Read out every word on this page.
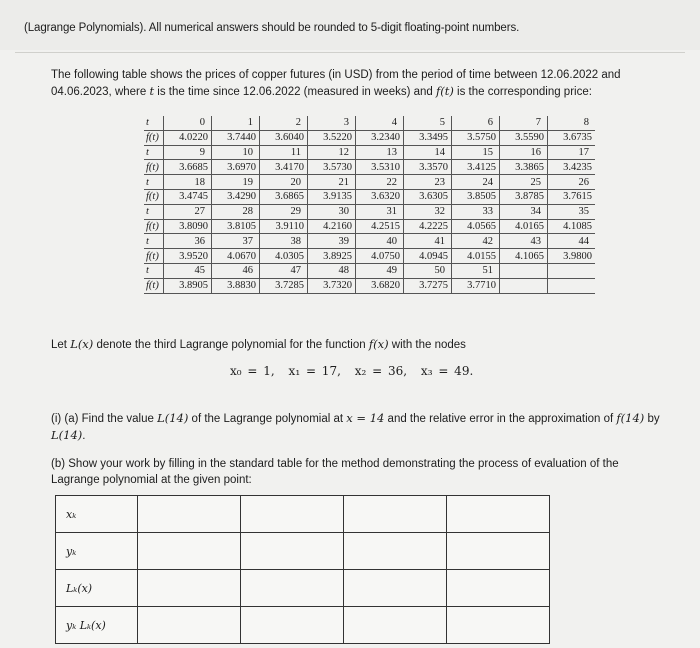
(Lagrange Polynomials). All numerical answers should be rounded to 5-digit floating-point numbers.
The following table shows the prices of copper futures (in USD) from the period of time between 12.06.2022 and 04.06.2023, where t is the time since 12.06.2022 (measured in weeks) and f(t) is the corresponding price:
t	0	1	2	3	4	5	6	7	8
f(t)	4.0220	3.7440	3.6040	3.5220	3.2340	3.3495	3.5750	3.5590	3.6735
t	9	10	11	12	13	14	15	16	17
f(t)	3.6685	3.6970	3.4170	3.5730	3.5310	3.3570	3.4125	3.3865	3.4235
t	18	19	20	21	22	23	24	25	26
f(t)	3.4745	3.4290	3.6865	3.9135	3.6320	3.6305	3.8505	3.8785	3.7615
t	27	28	29	30	31	32	33	34	35
f(t)	3.8090	3.8105	3.9110	4.2160	4.2515	4.2225	4.0565	4.0165	4.1085
t	36	37	38	39	40	41	42	43	44
f(t)	3.9520	4.0670	4.0305	3.8925	4.0750	4.0945	4.0155	4.1065	3.9800
t	45	46	47	48	49	50	51		
f(t)	3.8905	3.8830	3.7285	3.7320	3.6820	3.7275	3.7710		
Let L(x) denote the third Lagrange polynomial for the function f(x) with the nodes
x₀ = 1, x₁ = 17, x₂ = 36, x₃ = 49.
(i) (a) Find the value L(14) of the Lagrange polynomial at x = 14 and the relative error in the approximation of f(14) by L(14).
(b) Show your work by filling in the standard table for the method demonstrating the process of evaluation of the Lagrange polynomial at the given point:
xₖ				
yₖ				
Lₖ(x)				
yₖ Lₖ(x)				
